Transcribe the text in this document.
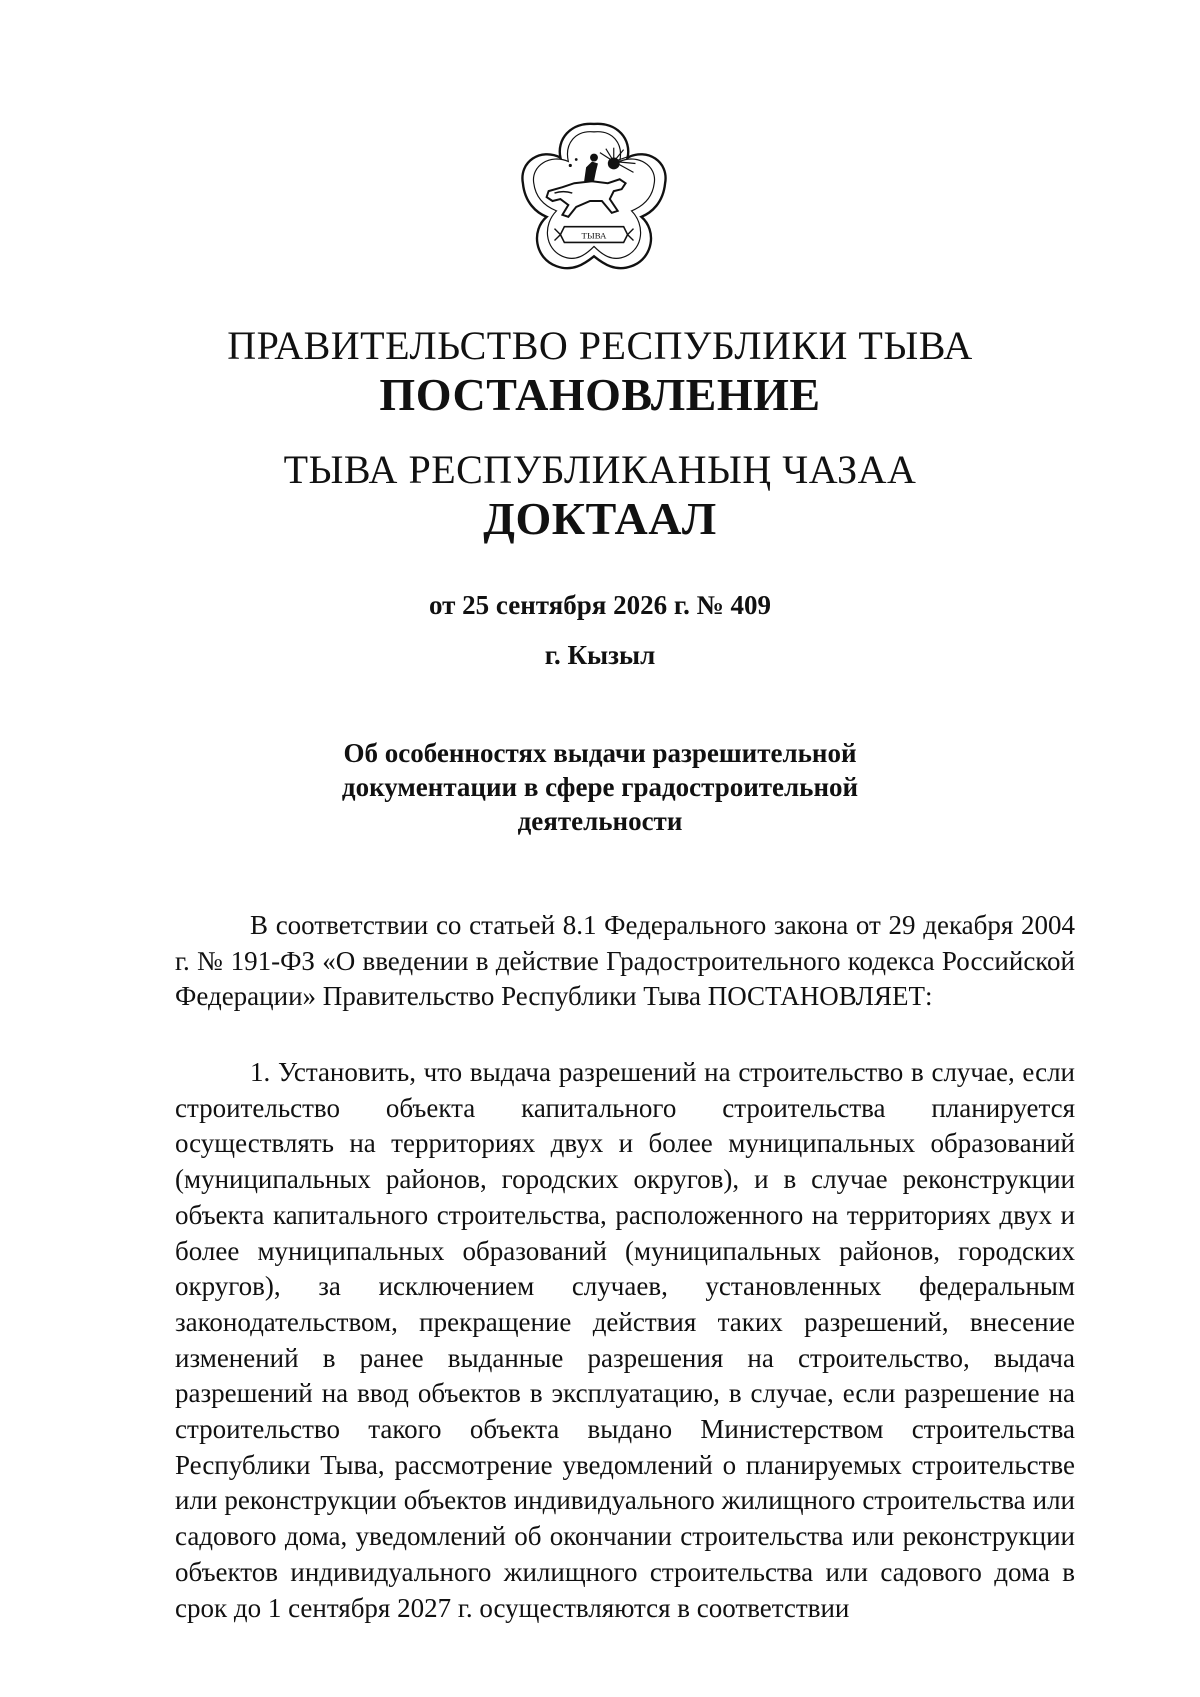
ТЫВА
ПРАВИТЕЛЬСТВО РЕСПУБЛИКИ ТЫВА
ПОСТАНОВЛЕНИЕ
ТЫВА РЕСПУБЛИКАНЫҢ ЧАЗАА
ДОКТААЛ
от 25 сентября 2026 г. № 409
г. Кызыл
Об особенностях выдачи разрешительной
документации в сфере градостроительной
деятельности

В соответствии со статьей 8.1 Федерального закона от 29 декабря 2004 г. № 191-ФЗ «О введении в действие Градостроительного кодекса Российской Федерации» Правительство Республики Тыва ПОСТАНОВЛЯЕТ:

1. Установить, что выдача разрешений на строительство в случае, если строительство объекта капитального строительства планируется осуществлять на территориях двух и более муниципальных образований (муниципальных районов, городских округов), и в случае реконструкции объекта капитального строительства, расположенного на территориях двух и более муниципальных образований (муниципальных районов, городских округов), за исключением случаев, установленных федеральным законодательством, прекращение действия таких разрешений, внесение изменений в ранее выданные разрешения на строительство, выдача разрешений на ввод объектов в эксплуатацию, в случае, если разрешение на строительство такого объекта выдано Министерством строительства Республики Тыва, рассмотрение уведомлений о планируемых строительстве или реконструкции объектов индивидуального жилищного строительства или садового дома, уведомлений об окончании строительства или реконструкции объектов индивидуального жилищного строительства или садового дома в срок до 1 сентября 2027 г. осуществляются в соответствии
